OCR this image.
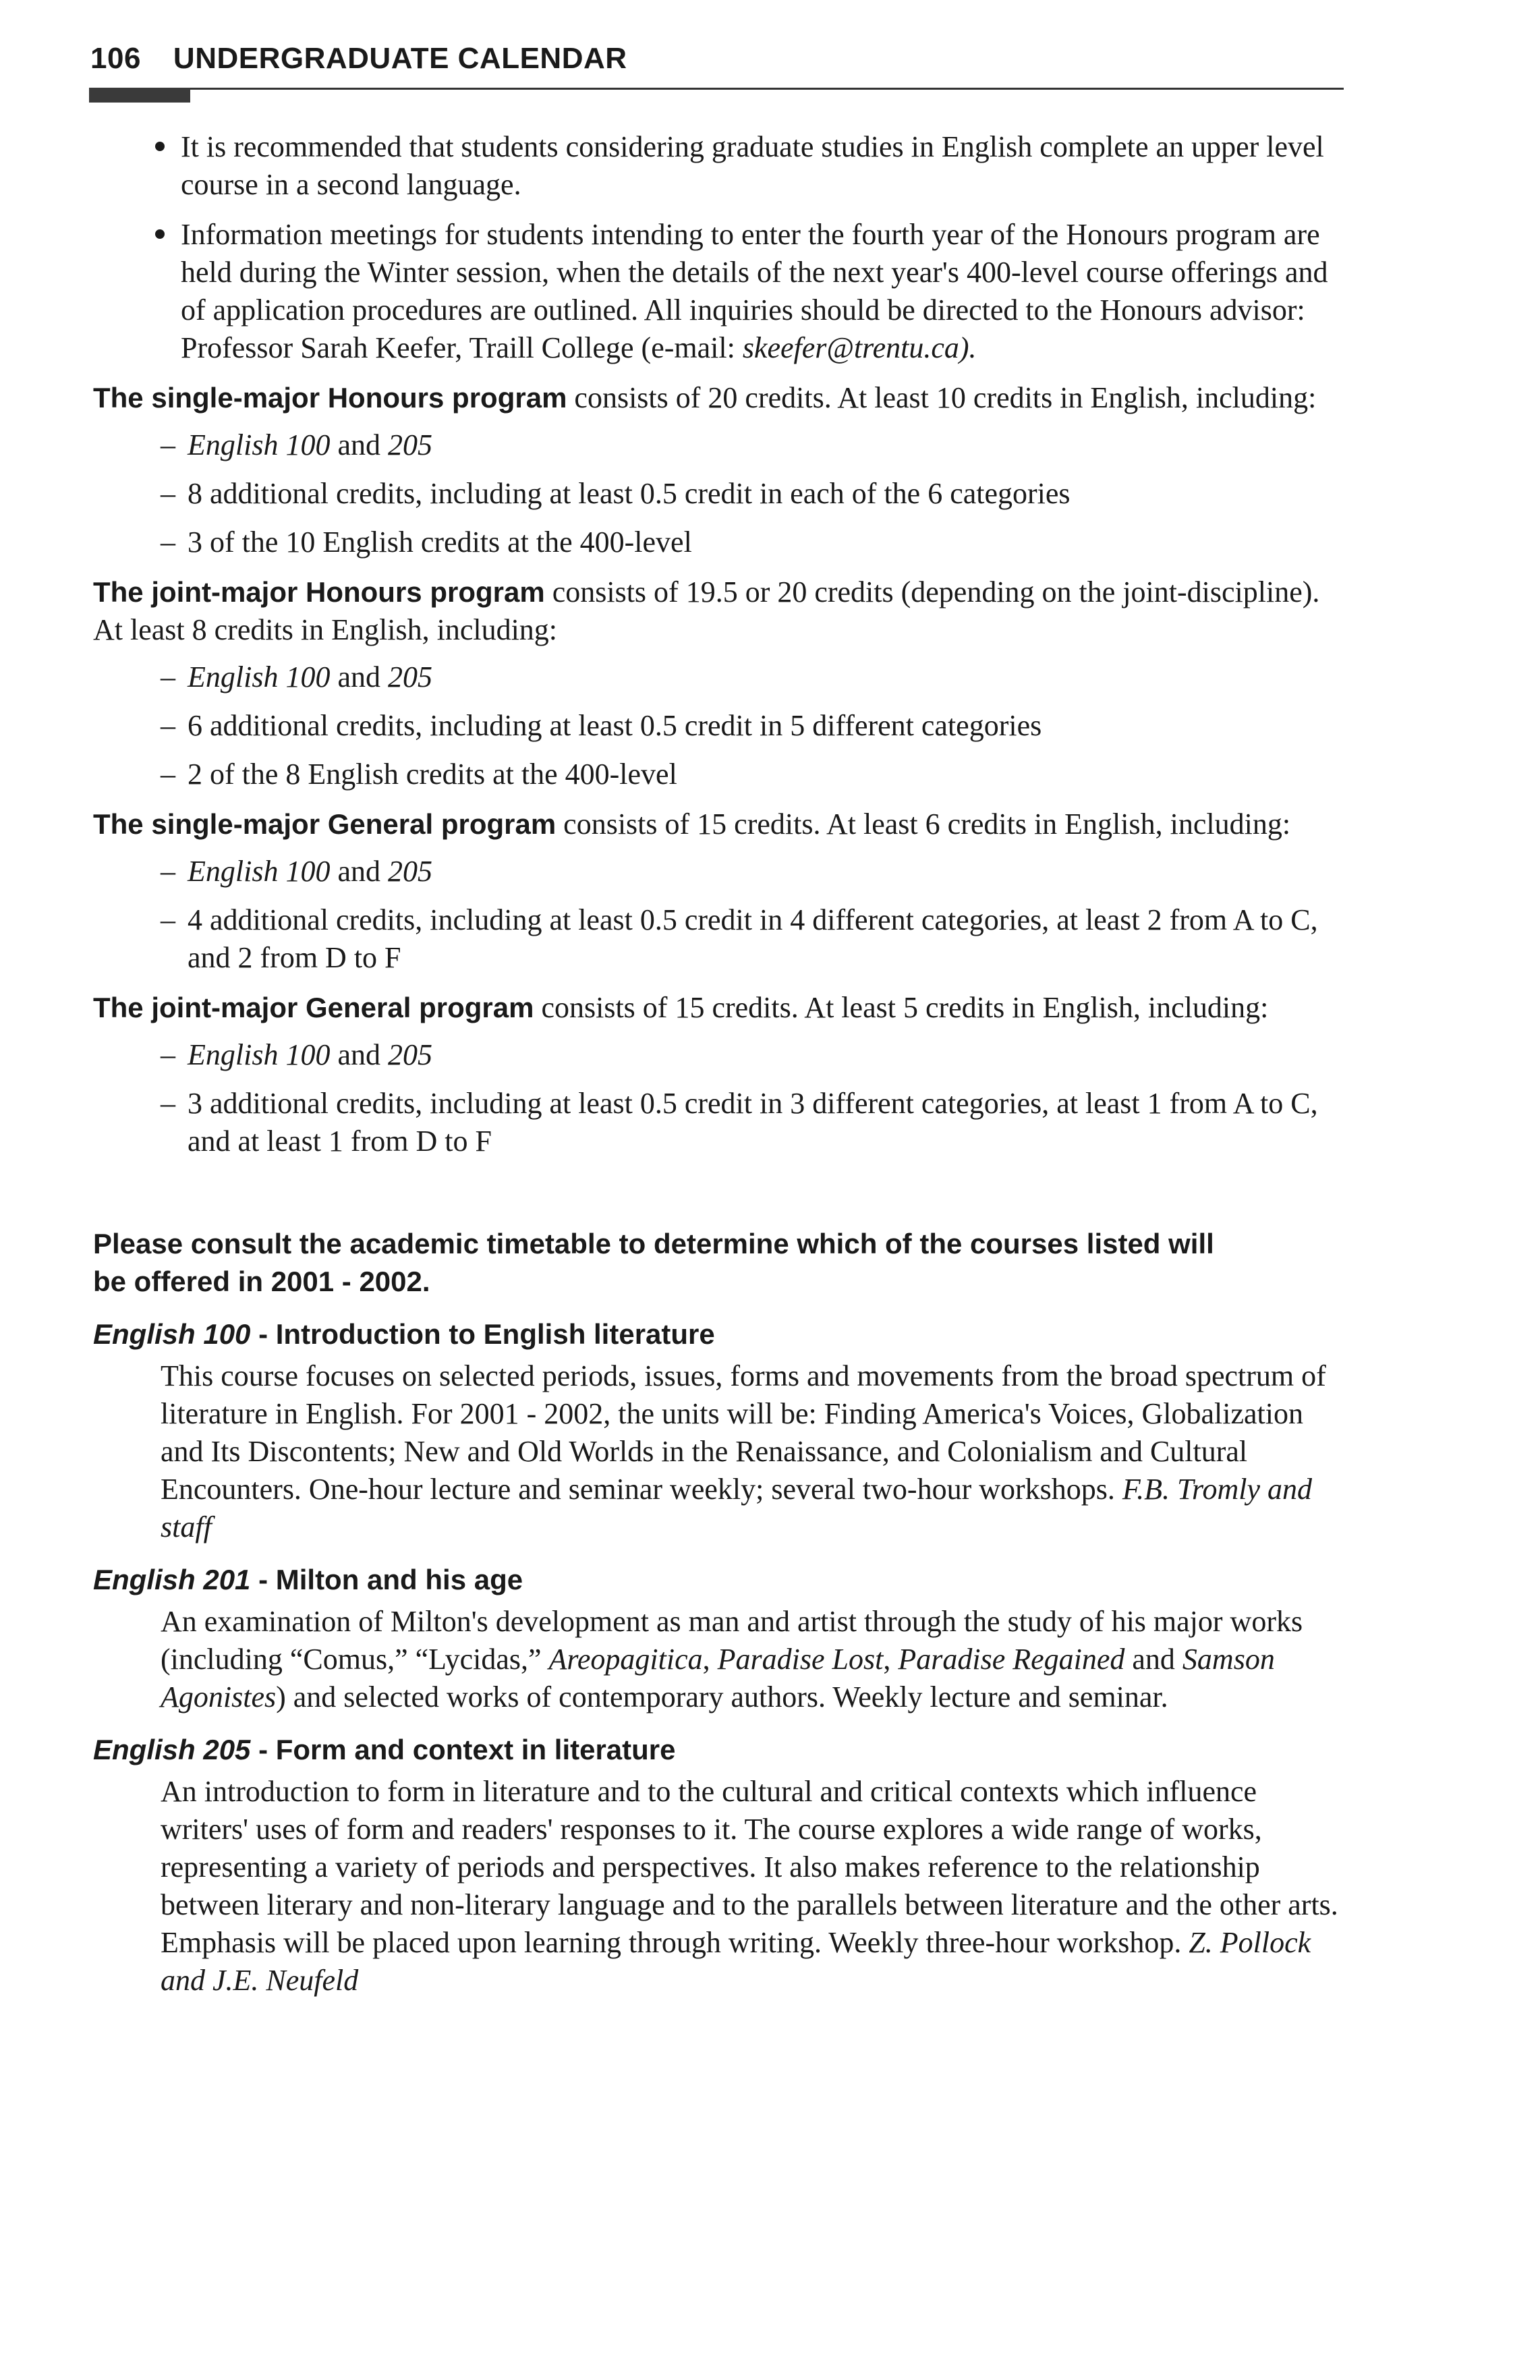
106 UNDERGRADUATE CALENDAR
It is recommended that students considering graduate studies in English complete an upper level course in a second language.
Information meetings for students intending to enter the fourth year of the Honours program are held during the Winter session, when the details of the next year's 400-level course offerings and of application procedures are outlined. All inquiries should be directed to the Honours advisor: Professor Sarah Keefer, Traill College (e-mail: skeefer@trentu.ca).
The single-major Honours program consists of 20 credits. At least 10 credits in English, including:
– English 100 and 205
– 8 additional credits, including at least 0.5 credit in each of the 6 categories
– 3 of the 10 English credits at the 400-level
The joint-major Honours program consists of 19.5 or 20 credits (depending on the joint-discipline). At least 8 credits in English, including:
– English 100 and 205
– 6 additional credits, including at least 0.5 credit in 5 different categories
– 2 of the 8 English credits at the 400-level
The single-major General program consists of 15 credits. At least 6 credits in English, including:
– English 100 and 205
– 4 additional credits, including at least 0.5 credit in 4 different categories, at least 2 from A to C, and 2 from D to F
The joint-major General program consists of 15 credits. At least 5 credits in English, including:
– English 100 and 205
– 3 additional credits, including at least 0.5 credit in 3 different categories, at least 1 from A to C, and at least 1 from D to F
Please consult the academic timetable to determine which of the courses listed will be offered in 2001 - 2002.
English 100 - Introduction to English literature
This course focuses on selected periods, issues, forms and movements from the broad spectrum of literature in English. For 2001 - 2002, the units will be: Finding America's Voices, Globalization and Its Discontents; New and Old Worlds in the Renaissance, and Colonialism and Cultural Encounters. One-hour lecture and seminar weekly; several two-hour workshops. F.B. Tromly and staff
English 201 - Milton and his age
An examination of Milton's development as man and artist through the study of his major works (including “Comus,” “Lycidas,” Areopagitica, Paradise Lost, Paradise Regained and Samson Agonistes) and selected works of contemporary authors. Weekly lecture and seminar.
English 205 - Form and context in literature
An introduction to form in literature and to the cultural and critical contexts which influence writers' uses of form and readers' responses to it. The course explores a wide range of works, representing a variety of periods and perspectives. It also makes reference to the relationship between literary and non-literary language and to the parallels between literature and the other arts. Emphasis will be placed upon learning through writing. Weekly three-hour workshop. Z. Pollock and J.E. Neufeld
